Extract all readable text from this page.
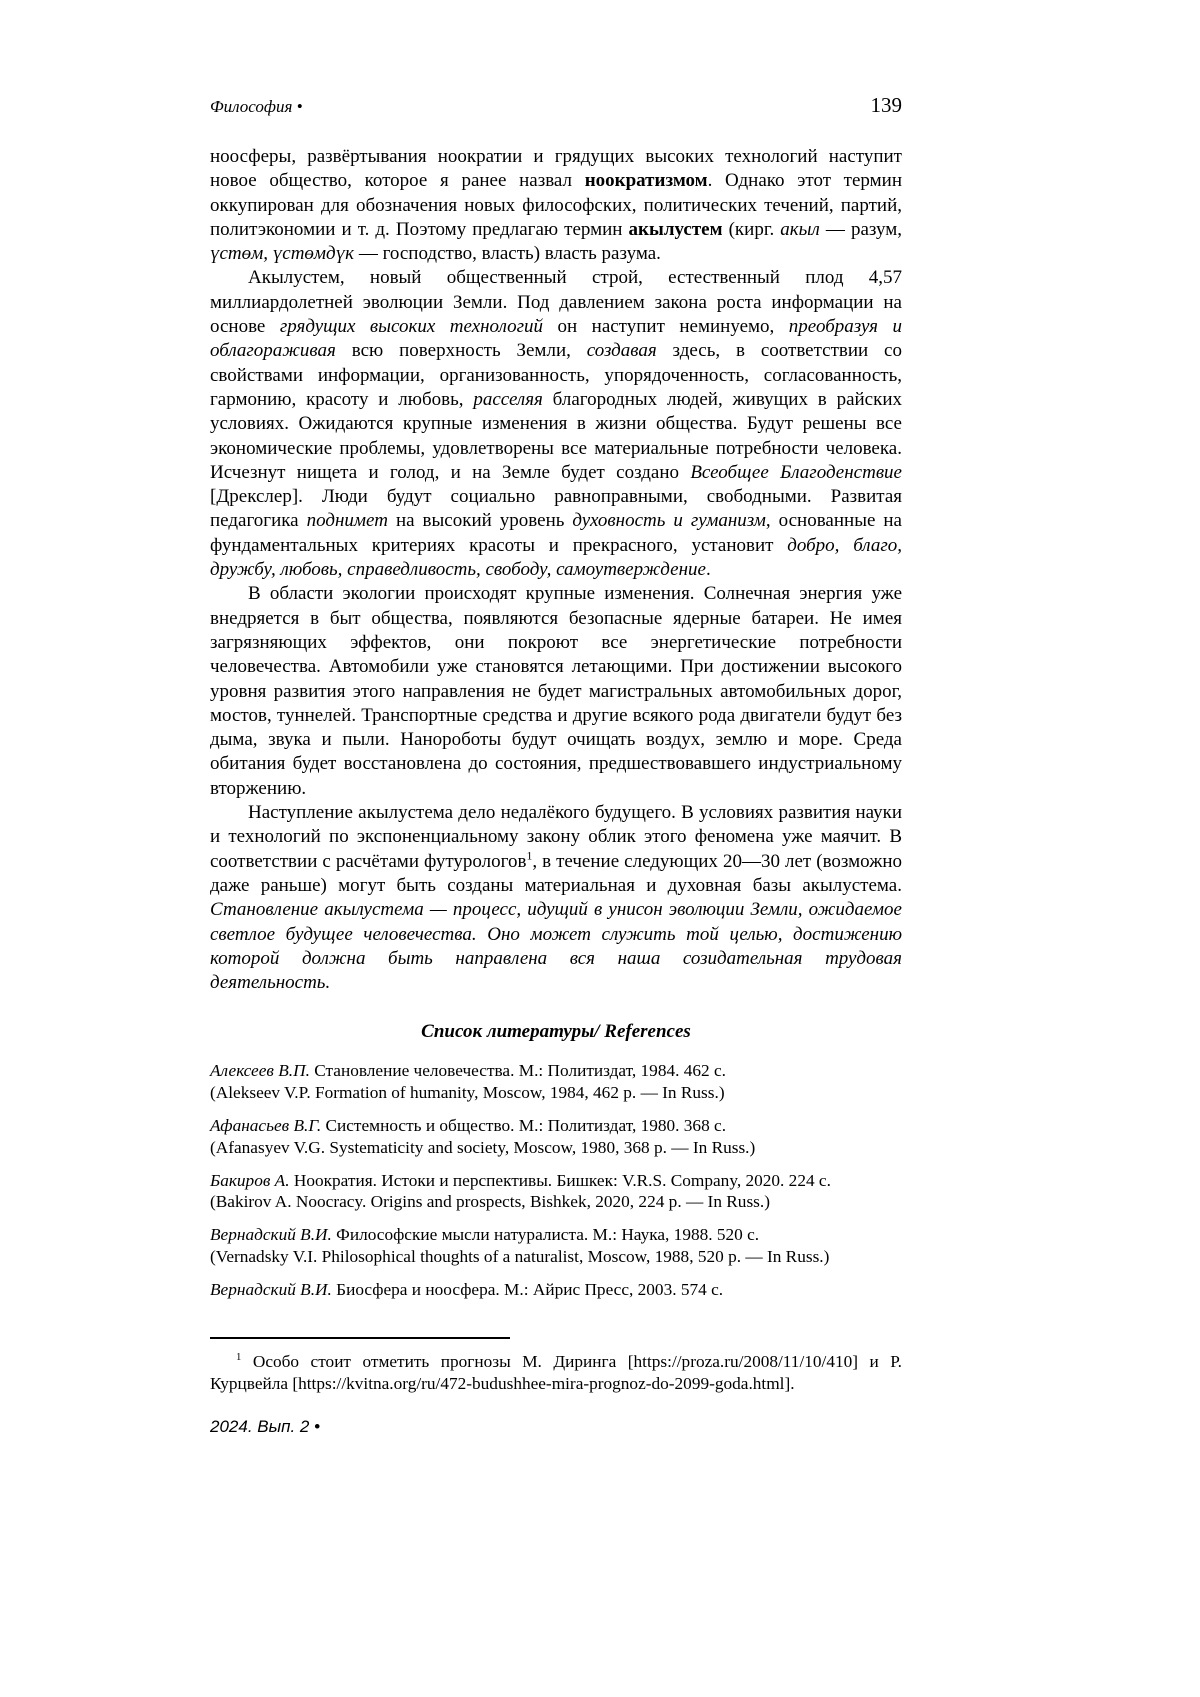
Философия •	139

ноосферы, развёртывания ноократии и грядущих высоких технологий наступит новое общество, которое я ранее назвал ноократизмом. Однако этот термин оккупирован для обозначения новых философских, политических течений, партий, политэкономии и т. д. Поэтому предлагаю термин акылустем (кирг. акыл — разум, үстөм, үстөмдүк — господство, власть) власть разума.

Акылустем, новый общественный строй, естественный плод 4,57 миллиардолетней эволюции Земли. Под давлением закона роста информации на основе грядущих высоких технологий он наступит неминуемо, преобразуя и облагораживая всю поверхность Земли, создавая здесь, в соответствии со свойствами информации, организованность, упорядоченность, согласованность, гармонию, красоту и любовь, расселяя благородных людей, живущих в райских условиях. Ожидаются крупные изменения в жизни общества. Будут решены все экономические проблемы, удовлетворены все материальные потребности человека. Исчезнут нищета и голод, и на Земле будет создано Всеобщее Благоденствие [Дрекслер]. Люди будут социально равноправными, свободными. Развитая педагогика поднимет на высокий уровень духовность и гуманизм, основанные на фундаментальных критериях красоты и прекрасного, установит добро, благо, дружбу, любовь, справедливость, свободу, самоутверждение.

В области экологии происходят крупные изменения. Солнечная энергия уже внедряется в быт общества, появляются безопасные ядерные батареи. Не имея загрязняющих эффектов, они покроют все энергетические потребности человечества. Автомобили уже становятся летающими. При достижении высокого уровня развития этого направления не будет магистральных автомобильных дорог, мостов, туннелей. Транспортные средства и другие всякого рода двигатели будут без дыма, звука и пыли. Нанороботы будут очищать воздух, землю и море. Среда обитания будет восстановлена до состояния, предшествовавшего индустриальному вторжению.

Наступление акылустема дело недалёкого будущего. В условиях развития науки и технологий по экспоненциальному закону облик этого феномена уже маячит. В соответствии с расчётами футурологов$^1$, в течение следующих 20—30 лет (возможно даже раньше) могут быть созданы материальная и духовная базы акылустема. Становление акылустема — процесс, идущий в унисон эволюции Земли, ожидаемое светлое будущее человечества. Оно может служить той целью, достижению которой должна быть направлена вся наша созидательная трудовая деятельность.

Список литературы/ References
Алексеев В.П. Становление человечества. М.: Политиздат, 1984. 462 с.
(Alekseev V.P. Formation of humanity, Moscow, 1984, 462 p. — In Russ.)
Афанасьев В.Г. Системность и общество. М.: Политиздат, 1980. 368 с.
(Afanasyev V.G. Systematicity and society, Moscow, 1980, 368 p. — In Russ.)
Бакиров А. Ноократия. Истоки и перспективы. Бишкек: V.R.S. Company, 2020. 224 с.
(Bakirov A. Noocracy. Origins and prospects, Bishkek, 2020, 224 p. — In Russ.)
Вернадский В.И. Философские мысли натуралиста. М.: Наука, 1988. 520 с.
(Vernadsky V.I. Philosophical thoughts of a naturalist, Moscow, 1988, 520 p. — In Russ.)
Вернадский В.И. Биосфера и ноосфера. М.: Айрис Пресс, 2003. 574 с.

$^1$ Особо стоит отметить прогнозы М. Диринга [https://proza.ru/2008/11/10/410] и Р. Курцвейла [https://kvitna.org/ru/472-budushhee-mira-prognoz-do-2099-goda.html].

2024. Вып. 2 •
